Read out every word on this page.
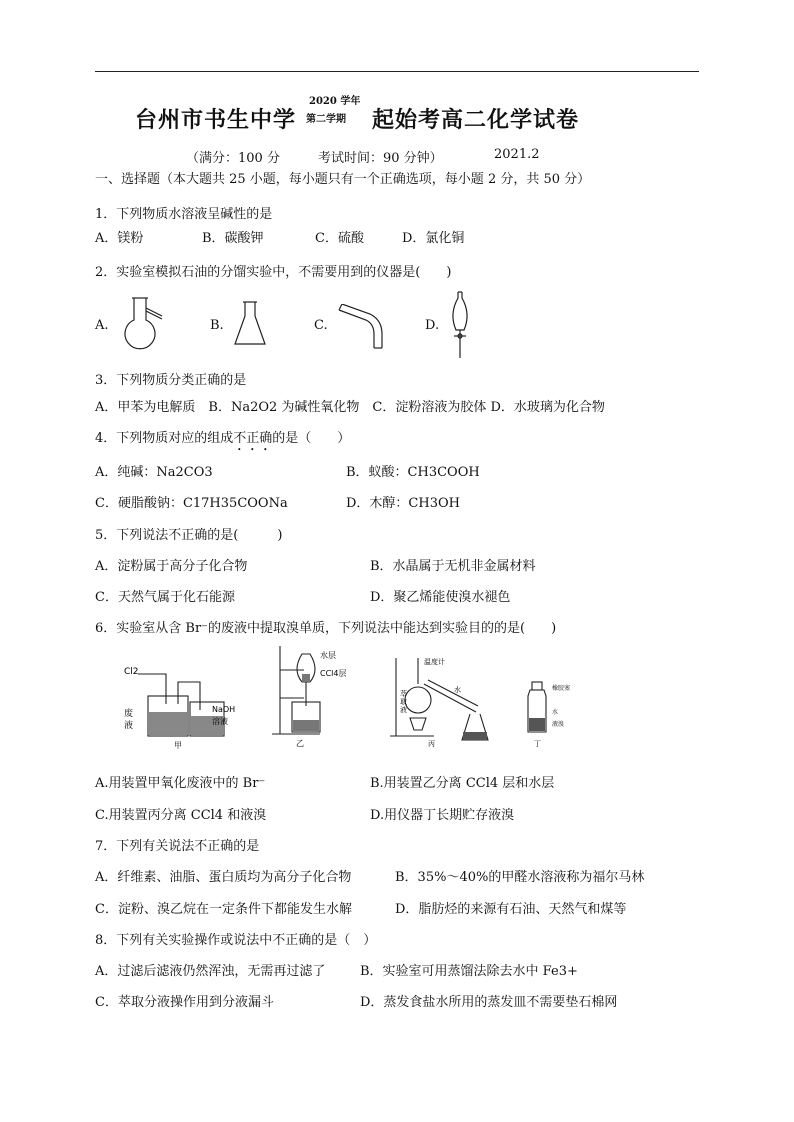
台州市书生中学
2020 学年
第二学期 起始考高二化学试卷
（满分：100 分	考试时间：90 分钟）	2021.2
一、选择题（本大题共 25 小题，每小题只有一个正确选项，每小题 2 分，共 50 分）
1．下列物质水溶液呈碱性的是
A．镁粉	B．碳酸钾	C．硫酸	D．氯化铜
2．实验室模拟石油的分馏实验中，不需要用到的仪器是(　　)
A.	B.	C.	D.
3．下列物质分类正确的是
A．甲苯为电解质　B．Na2O2 为碱性氧化物　C．淀粉溶液为胶体 D．水玻璃为化合物
4．下列物质对应的组成不正确的是（　　）
A．纯碱：Na2CO3	B．蚁酸：CH3COOH
C．硬脂酸钠：C17H35COONa	D．木醇：CH3OH
5．下列说法不正确的是(　　　)
A．淀粉属于高分子化合物	B．水晶属于无机非金属材料
C．天然气属于化石能源	D．聚乙烯能使溴水褪色
6．实验室从含 Br⁻的废液中提取溴单质，下列说法中能达到实验目的的是(　　)
Cl2
废
液
NaOH
溶液
甲
水层
CCl4层
乙
温度计
萃
取
液
水
丙
橡胶塞
水
液溴
丁
A.用装置甲氧化废液中的 Br⁻	B.用装置乙分离 CCl4 层和水层
C.用装置丙分离 CCl4 和液溴	D.用仪器丁长期贮存液溴
7．下列有关说法不正确的是
A．纤维素、油脂、蛋白质均为高分子化合物	B．35%～40%的甲醛水溶液称为福尔马林
C．淀粉、溴乙烷在一定条件下都能发生水解	D．脂肪烃的来源有石油、天然气和煤等
8．下列有关实验操作或说法中不正确的是（　）
A．过滤后滤液仍然浑浊，无需再过滤了	B．实验室可用蒸馏法除去水中 Fe3+
C．萃取分液操作用到分液漏斗	D．蒸发食盐水所用的蒸发皿不需要垫石棉网
